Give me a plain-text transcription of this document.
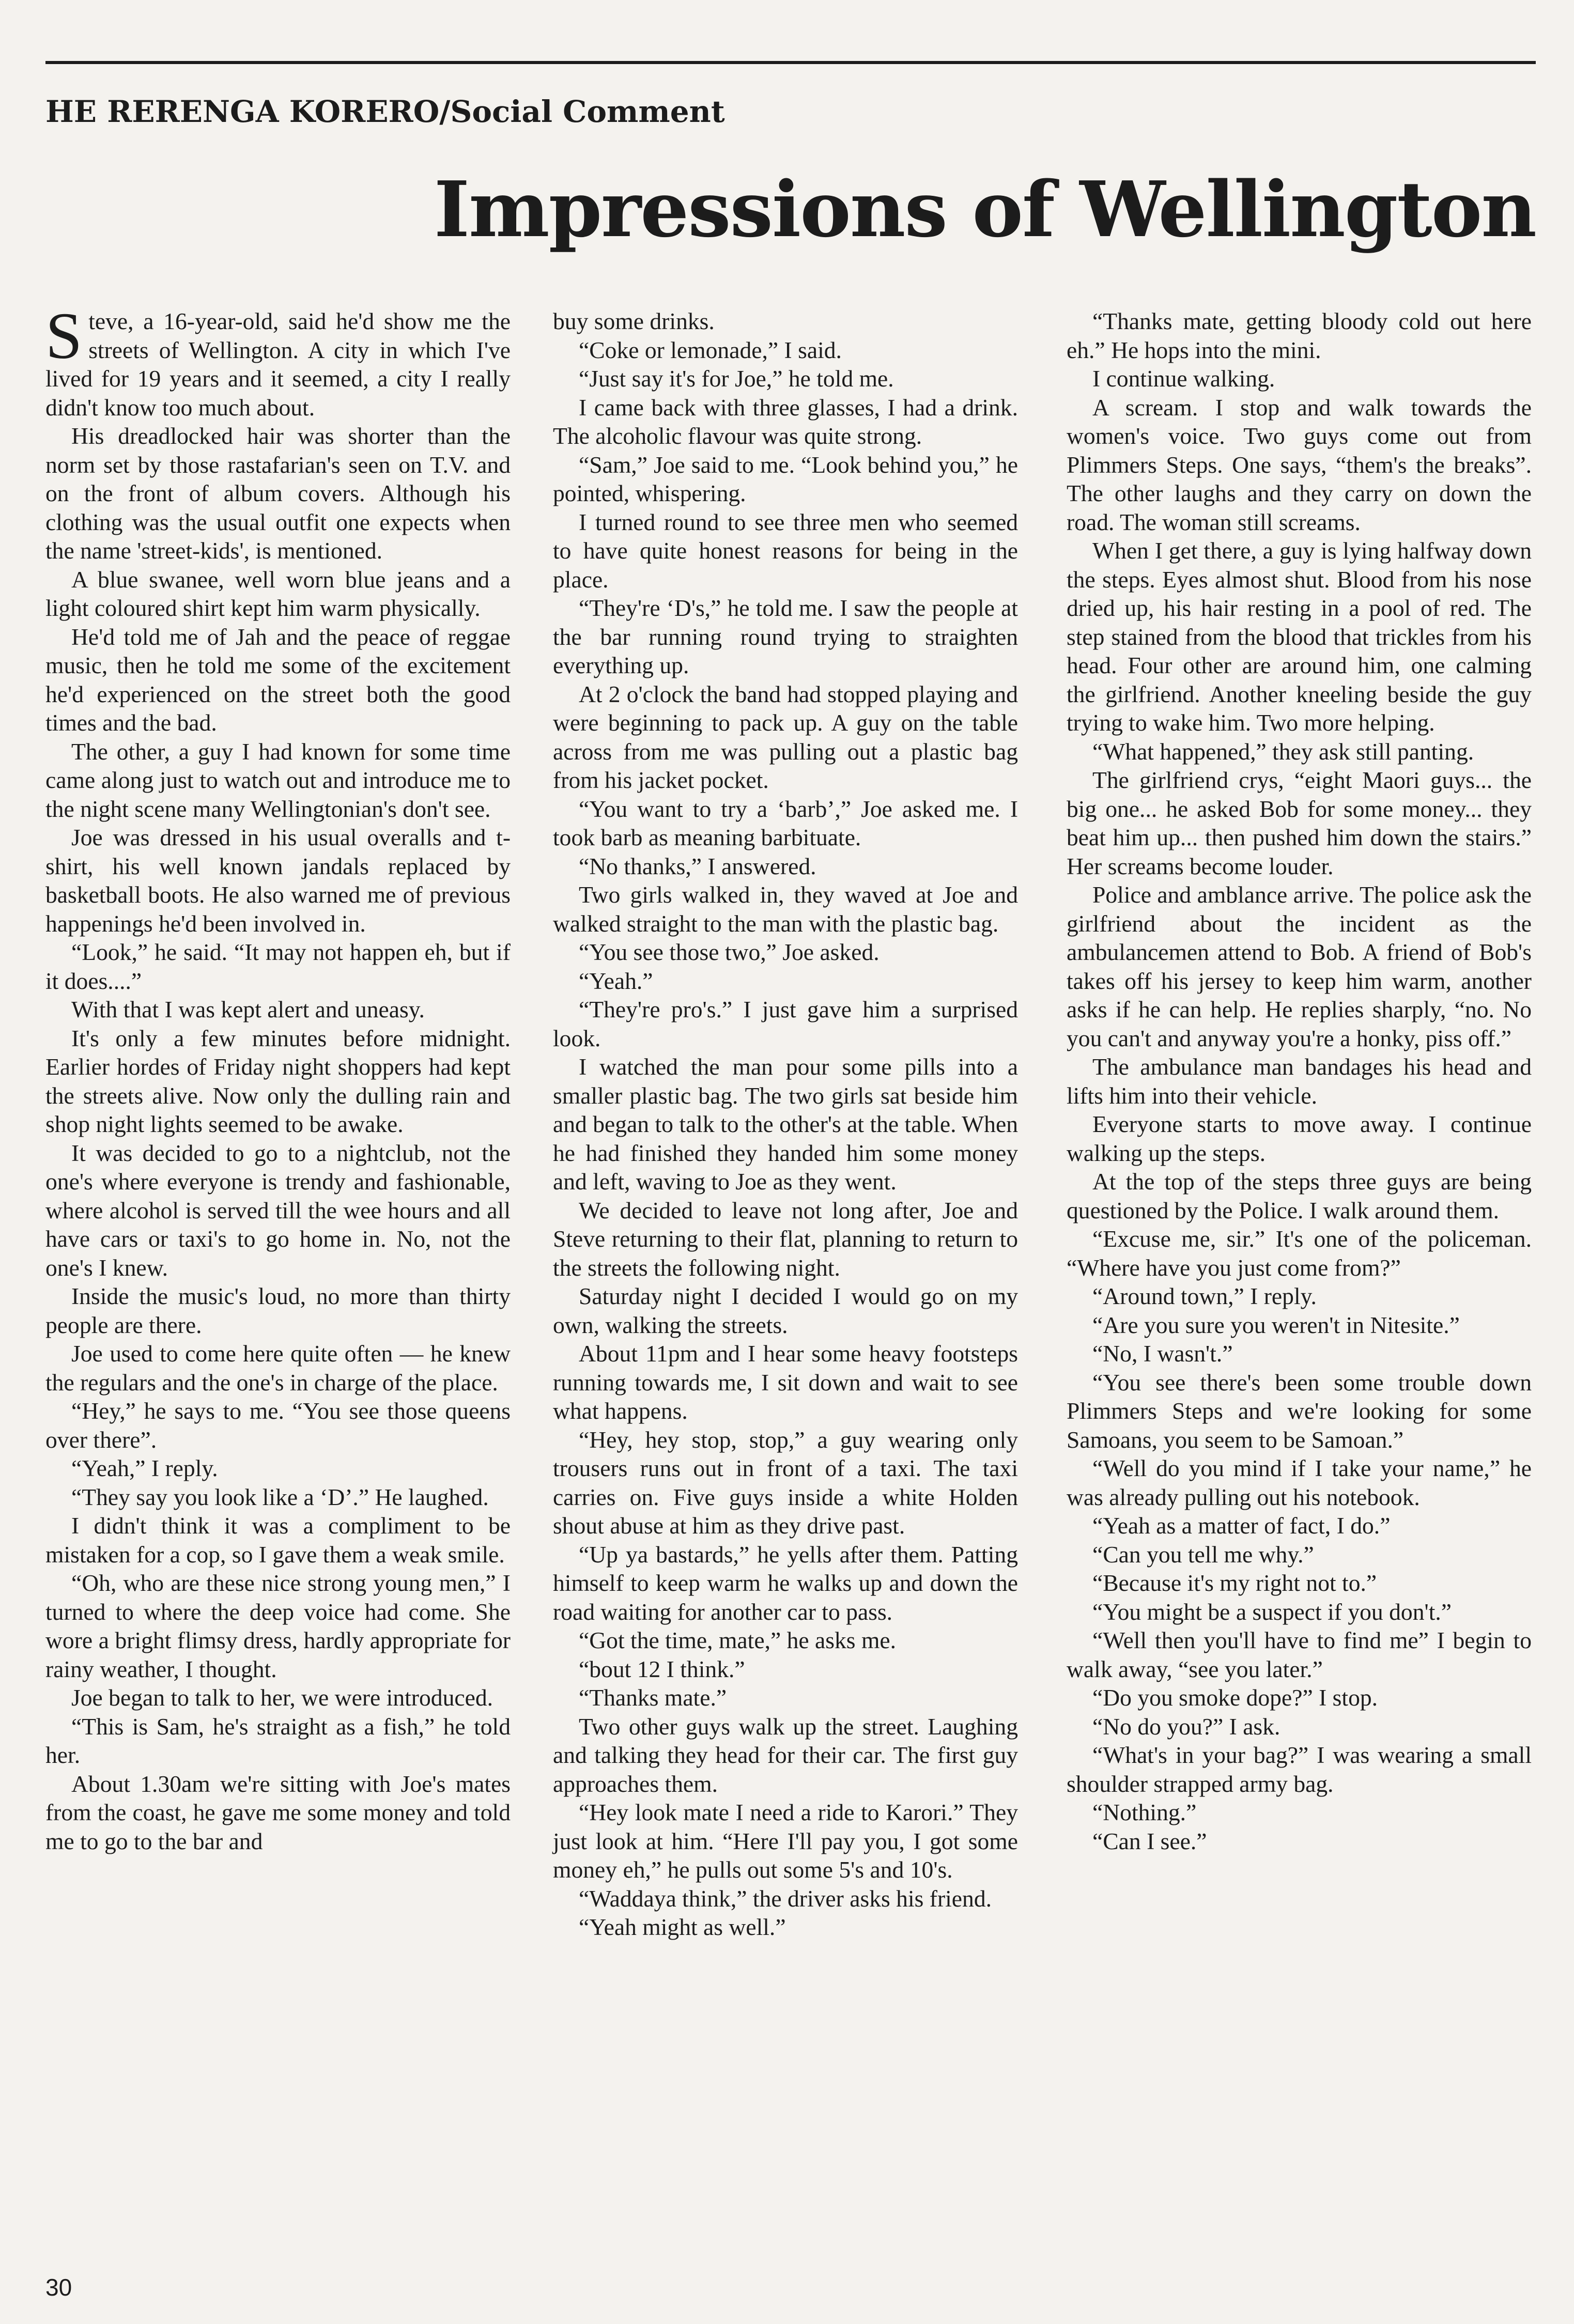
HE RERENGA KORERO/Social Comment
Impressions of Wellington

Steve, a 16-year-old, said he'd show me the streets of Wellington. A city in which I've lived for 19 years and it seemed, a city I really didn't know too much about.

His dreadlocked hair was shorter than the norm set by those rastafarian's seen on T.V. and on the front of album covers. Although his clothing was the usual outfit one expects when the name 'street-kids', is mentioned.

A blue swanee, well worn blue jeans and a light coloured shirt kept him warm physically.

He'd told me of Jah and the peace of reggae music, then he told me some of the excitement he'd experienced on the street both the good times and the bad.

The other, a guy I had known for some time came along just to watch out and introduce me to the night scene many Wellingtonian's don't see.

Joe was dressed in his usual overalls and t-shirt, his well known jandals replaced by basketball boots. He also warned me of previous happenings he'd been involved in.

“Look,” he said. “It may not happen eh, but if it does....”

With that I was kept alert and uneasy.

It's only a few minutes before midnight. Earlier hordes of Friday night shoppers had kept the streets alive. Now only the dulling rain and shop night lights seemed to be awake.

It was decided to go to a nightclub, not the one's where everyone is trendy and fashionable, where alcohol is served till the wee hours and all have cars or taxi's to go home in. No, not the one's I knew.

Inside the music's loud, no more than thirty people are there.

Joe used to come here quite often — he knew the regulars and the one's in charge of the place.

“Hey,” he says to me. “You see those queens over there”.

“Yeah,” I reply.

“They say you look like a ‘D’.” He laughed.

I didn't think it was a compliment to be mistaken for a cop, so I gave them a weak smile.

“Oh, who are these nice strong young men,” I turned to where the deep voice had come. She wore a bright flimsy dress, hardly appropriate for rainy weather, I thought.

Joe began to talk to her, we were introduced.

“This is Sam, he's straight as a fish,” he told her.

About 1.30am we're sitting with Joe's mates from the coast, he gave me some money and told me to go to the bar and

buy some drinks.

“Coke or lemonade,” I said.

“Just say it's for Joe,” he told me.

I came back with three glasses, I had a drink. The alcoholic flavour was quite strong.

“Sam,” Joe said to me. “Look behind you,” he pointed, whispering.

I turned round to see three men who seemed to have quite honest reasons for being in the place.

“They're ‘D's,” he told me. I saw the people at the bar running round trying to straighten everything up.

At 2 o'clock the band had stopped playing and were beginning to pack up. A guy on the table across from me was pulling out a plastic bag from his jacket pocket.

“You want to try a ‘barb’,” Joe asked me. I took barb as meaning barbituate.

“No thanks,” I answered.

Two girls walked in, they waved at Joe and walked straight to the man with the plastic bag.

“You see those two,” Joe asked.

“Yeah.”

“They're pro's.” I just gave him a surprised look.

I watched the man pour some pills into a smaller plastic bag. The two girls sat beside him and began to talk to the other's at the table. When he had finished they handed him some money and left, waving to Joe as they went.

We decided to leave not long after, Joe and Steve returning to their flat, planning to return to the streets the following night.

Saturday night I decided I would go on my own, walking the streets.

About 11pm and I hear some heavy footsteps running towards me, I sit down and wait to see what happens.

“Hey, hey stop, stop,” a guy wearing only trousers runs out in front of a taxi. The taxi carries on. Five guys inside a white Holden shout abuse at him as they drive past.

“Up ya bastards,” he yells after them. Patting himself to keep warm he walks up and down the road waiting for another car to pass.

“Got the time, mate,” he asks me.

“bout 12 I think.”

“Thanks mate.”

Two other guys walk up the street. Laughing and talking they head for their car. The first guy approaches them.

“Hey look mate I need a ride to Karori.” They just look at him. “Here I'll pay you, I got some money eh,” he pulls out some 5's and 10's.

“Waddaya think,” the driver asks his friend.

“Yeah might as well.”

“Thanks mate, getting bloody cold out here eh.” He hops into the mini.

I continue walking.

A scream. I stop and walk towards the women's voice. Two guys come out from Plimmers Steps. One says, “them's the breaks”. The other laughs and they carry on down the road. The woman still screams.

When I get there, a guy is lying halfway down the steps. Eyes almost shut. Blood from his nose dried up, his hair resting in a pool of red. The step stained from the blood that trickles from his head. Four other are around him, one calming the girlfriend. Another kneeling beside the guy trying to wake him. Two more helping.

“What happened,” they ask still panting.

The girlfriend crys, “eight Maori guys... the big one... he asked Bob for some money... they beat him up... then pushed him down the stairs.” Her screams become louder.

Police and amblance arrive. The police ask the girlfriend about the incident as the ambulancemen attend to Bob. A friend of Bob's takes off his jersey to keep him warm, another asks if he can help. He replies sharply, “no. No you can't and anyway you're a honky, piss off.”

The ambulance man bandages his head and lifts him into their vehicle.

Everyone starts to move away. I continue walking up the steps.

At the top of the steps three guys are being questioned by the Police. I walk around them.

“Excuse me, sir.” It's one of the policeman. “Where have you just come from?”

“Around town,” I reply.

“Are you sure you weren't in Nitesite.”

“No, I wasn't.”

“You see there's been some trouble down Plimmers Steps and we're looking for some Samoans, you seem to be Samoan.”

“Well do you mind if I take your name,” he was already pulling out his notebook.

“Yeah as a matter of fact, I do.”

“Can you tell me why.”

“Because it's my right not to.”

“You might be a suspect if you don't.”

“Well then you'll have to find me” I begin to walk away, “see you later.”

“Do you smoke dope?” I stop.

“No do you?” I ask.

“What's in your bag?” I was wearing a small shoulder strapped army bag.

“Nothing.”

“Can I see.”

30
